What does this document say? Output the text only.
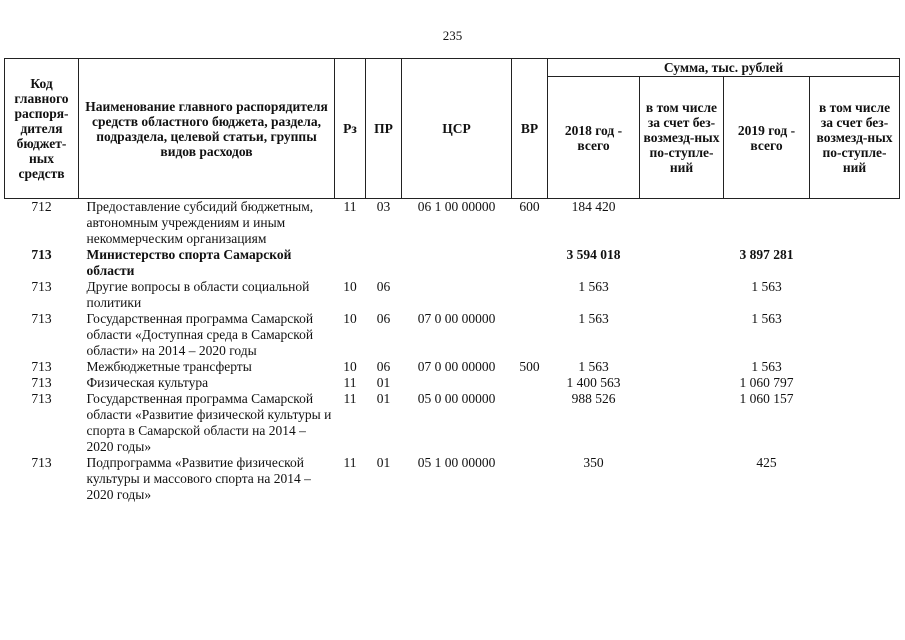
235
Код главного распоря-дителя бюджет-ных средств	Наименование главного распорядителя средств областного бюджета, раздела, подраздела, целевой статьи, группы видов расходов	Рз	ПР	ЦСР	ВР	Сумма, тыс. рублей			
						2018 год - всего	в том числе за счет без-возмезд-ных по-ступле-ний	2019 год - всего	в том числе за счет без-возмезд-ных по-ступле-ний
712	Предоставление субсидий бюджетным, автономным учреждениям и иным некоммерческим организациям	11	03	06 1 00 00000	600	184 420			
713	Министерство спорта Самарской области					3 594 018		3 897 281	
713	Другие вопросы в области социальной политики	10	06			1 563		1 563	
713	Государственная программа Самарской области «Доступная среда в Самарской области» на 2014 – 2020 годы	10	06	07 0 00 00000		1 563		1 563	
713	Межбюджетные трансферты	10	06	07 0 00 00000	500	1 563		1 563	
713	Физическая культура	11	01			1 400 563		1 060 797	
713	Государственная программа Самарской области «Развитие физической культуры и спорта в Самарской области на 2014 – 2020 годы»	11	01	05 0 00 00000		988 526		1 060 157	
713	Подпрограмма «Развитие физической культуры и массового спорта на 2014 – 2020 годы»	11	01	05 1 00 00000		350		425	
